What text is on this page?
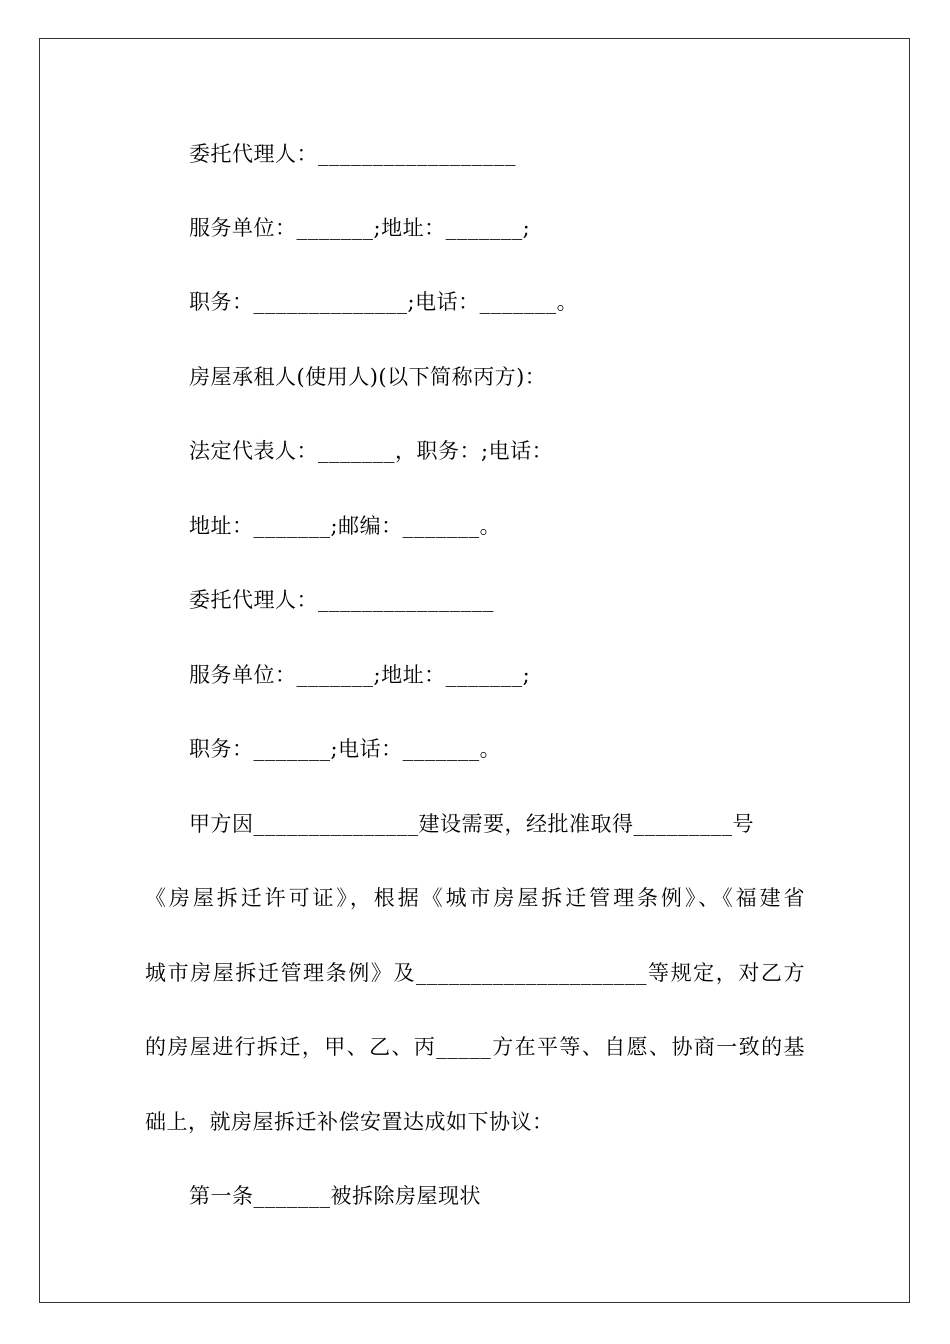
委托代理人：__________________
服务单位：_______;地址：_______;
职务：______________;电话：_______。
房屋承租人(使用人)(以下简称丙方)：
法定代表人：_______，职务：;电话：
地址：_______;邮编：_______。
委托代理人：________________
服务单位：_______;地址：_______;
职务：_______;电话：_______。
甲方因_______________建设需要，经批准取得_________号
《房屋拆迁许可证》，根据《城市房屋拆迁管理条例》、《福建省
城市房屋拆迁管理条例》及_____________________等规定，对乙方
的房屋进行拆迁，甲、乙、丙_____方在平等、自愿、协商一致的基
础上，就房屋拆迁补偿安置达成如下协议：
第一条_______被拆除房屋现状
